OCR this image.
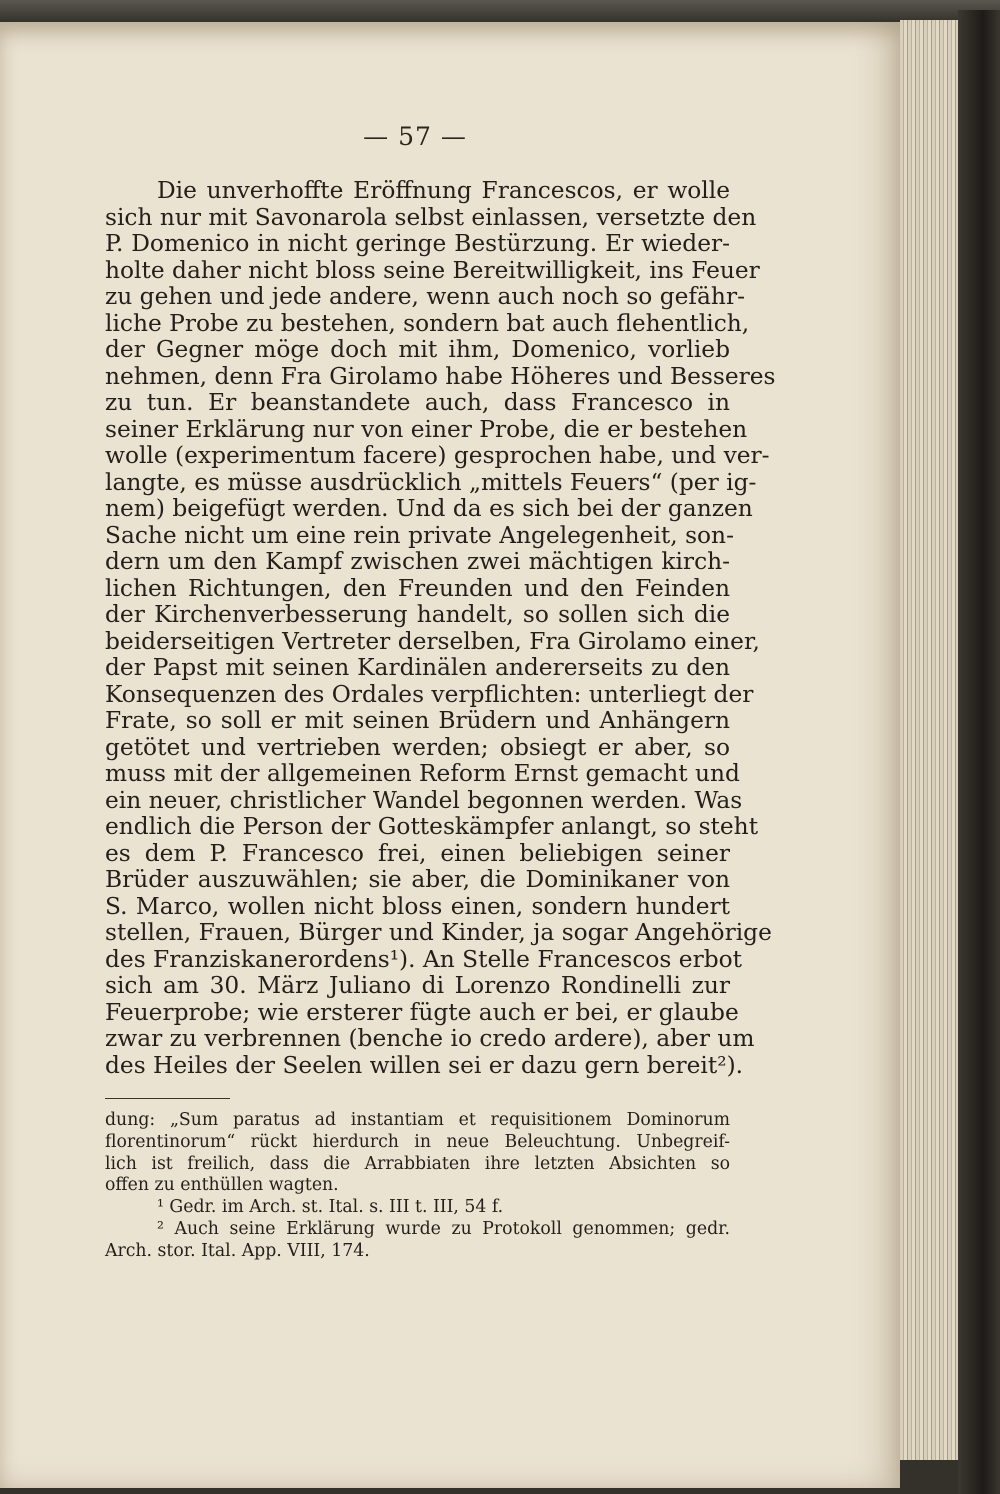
— 57 —
Die unverhoffte Eröffnung Francescos, er wolle
sich nur mit Savonarola selbst einlassen, versetzte den
P. Domenico in nicht geringe Bestürzung. Er wieder-
holte daher nicht bloss seine Bereitwilligkeit, ins Feuer
zu gehen und jede andere, wenn auch noch so gefähr-
liche Probe zu bestehen, sondern bat auch flehentlich,
der Gegner möge doch mit ihm, Domenico, vorlieb
nehmen, denn Fra Girolamo habe Höheres und Besseres
zu tun. Er beanstandete auch, dass Francesco in
seiner Erklärung nur von einer Probe, die er bestehen
wolle (experimentum facere) gesprochen habe, und ver-
langte, es müsse ausdrücklich „mittels Feuers“ (per ig-
nem) beigefügt werden. Und da es sich bei der ganzen
Sache nicht um eine rein private Angelegenheit, son-
dern um den Kampf zwischen zwei mächtigen kirch-
lichen Richtungen, den Freunden und den Feinden
der Kirchenverbesserung handelt, so sollen sich die
beiderseitigen Vertreter derselben, Fra Girolamo einer,
der Papst mit seinen Kardinälen andererseits zu den
Konsequenzen des Ordales verpflichten: unterliegt der
Frate, so soll er mit seinen Brüdern und Anhängern
getötet und vertrieben werden; obsiegt er aber, so
muss mit der allgemeinen Reform Ernst gemacht und
ein neuer, christlicher Wandel begonnen werden. Was
endlich die Person der Gotteskämpfer anlangt, so steht
es dem P. Francesco frei, einen beliebigen seiner
Brüder auszuwählen; sie aber, die Dominikaner von
S. Marco, wollen nicht bloss einen, sondern hundert
stellen, Frauen, Bürger und Kinder, ja sogar Angehörige
des Franziskanerordens¹). An Stelle Francescos erbot
sich am 30. März Juliano di Lorenzo Rondinelli zur
Feuerprobe; wie ersterer fügte auch er bei, er glaube
zwar zu verbrennen (benche io credo ardere), aber um
des Heiles der Seelen willen sei er dazu gern bereit²).
dung: „Sum paratus ad instantiam et requisitionem Dominorum
florentinorum“ rückt hierdurch in neue Beleuchtung. Unbegreif-
lich ist freilich, dass die Arrabbiaten ihre letzten Absichten so
offen zu enthüllen wagten.
¹ Gedr. im Arch. st. Ital. s. III t. III, 54 f.
² Auch seine Erklärung wurde zu Protokoll genommen; gedr.
Arch. stor. Ital. App. VIII, 174.
